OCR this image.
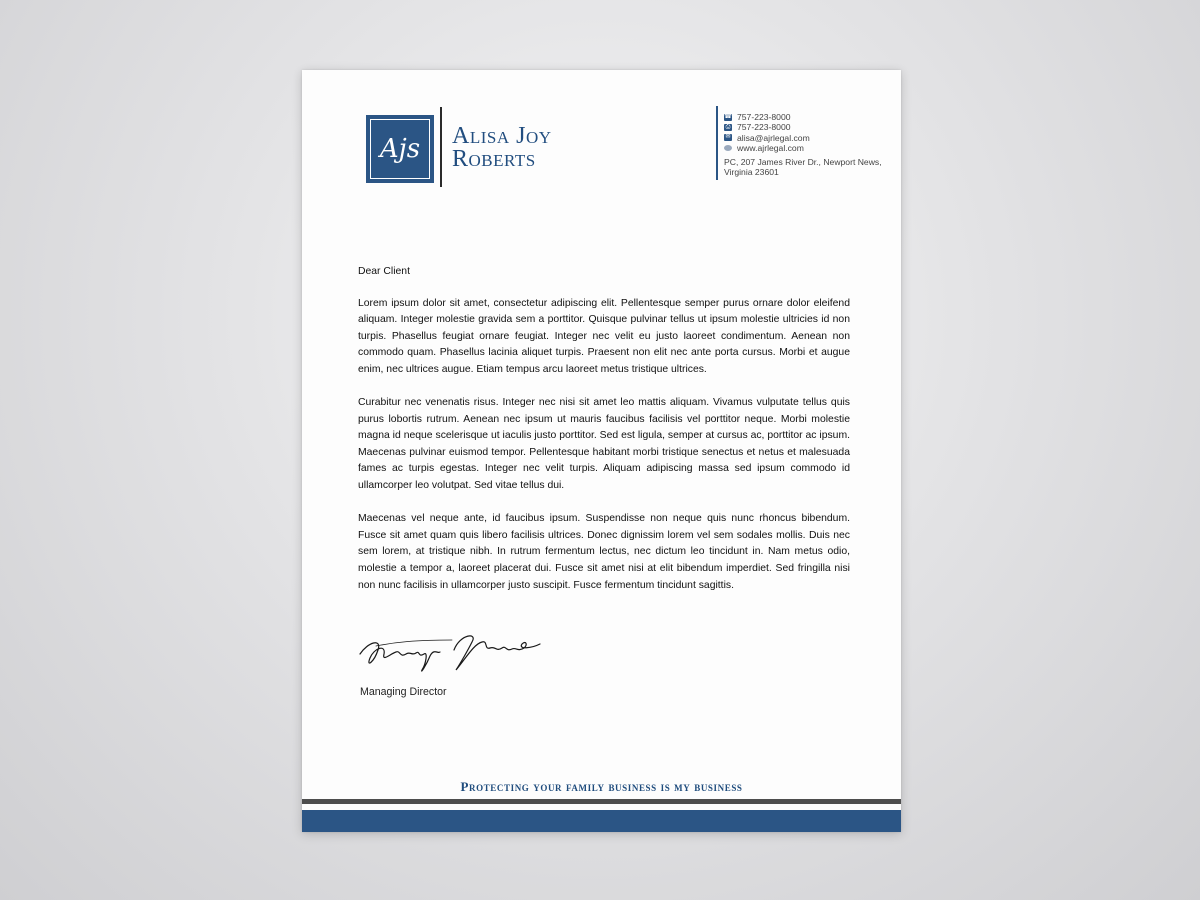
Ajs	Alisa Joy
Roberts
☎ 757-223-8000
⎙ 757-223-8000
✉ alisa@ajrlegal.com
www.ajrlegal.com
PC, 207 James River Dr., Newport News,
Virginia 23601

Dear Client

Lorem ipsum dolor sit amet, consectetur adipiscing elit. Pellentesque semper purus ornare dolor eleifend aliquam. Integer molestie gravida sem a porttitor. Quisque pulvinar tellus ut ipsum molestie ultricies id non turpis. Phasellus feugiat ornare feugiat. Integer nec velit eu justo laoreet condimentum. Aenean non commodo quam. Phasellus lacinia aliquet turpis. Praesent non elit nec ante porta cursus. Morbi et augue enim, nec ultrices augue. Etiam tempus arcu laoreet metus tristique ultrices.

Curabitur nec venenatis risus. Integer nec nisi sit amet leo mattis aliquam. Vivamus vulputate tellus quis purus lobortis rutrum. Aenean nec ipsum ut mauris faucibus facilisis vel porttitor neque. Morbi molestie magna id neque scelerisque ut iaculis justo porttitor. Sed est ligula, semper at cursus ac, porttitor ac ipsum. Maecenas pulvinar euismod tempor. Pellentesque habitant morbi tristique senectus et netus et malesuada fames ac turpis egestas. Integer nec velit turpis. Aliquam adipiscing massa sed ipsum commodo id ullamcorper leo volutpat. Sed vitae tellus dui.

Maecenas vel neque ante, id faucibus ipsum. Suspendisse non neque quis nunc rhoncus bibendum. Fusce sit amet quam quis libero facilisis ultrices. Donec dignissim lorem vel sem sodales mollis. Duis nec sem lorem, at tristique nibh. In rutrum fermentum lectus, nec dictum leo tincidunt in. Nam metus odio, molestie a tempor a, laoreet placerat dui. Fusce sit amet nisi at elit bibendum imperdiet. Sed fringilla nisi non nunc facilisis in ullamcorper justo suscipit. Fusce fermentum tincidunt sagittis.

Managing Director
Protecting your family business is my business
